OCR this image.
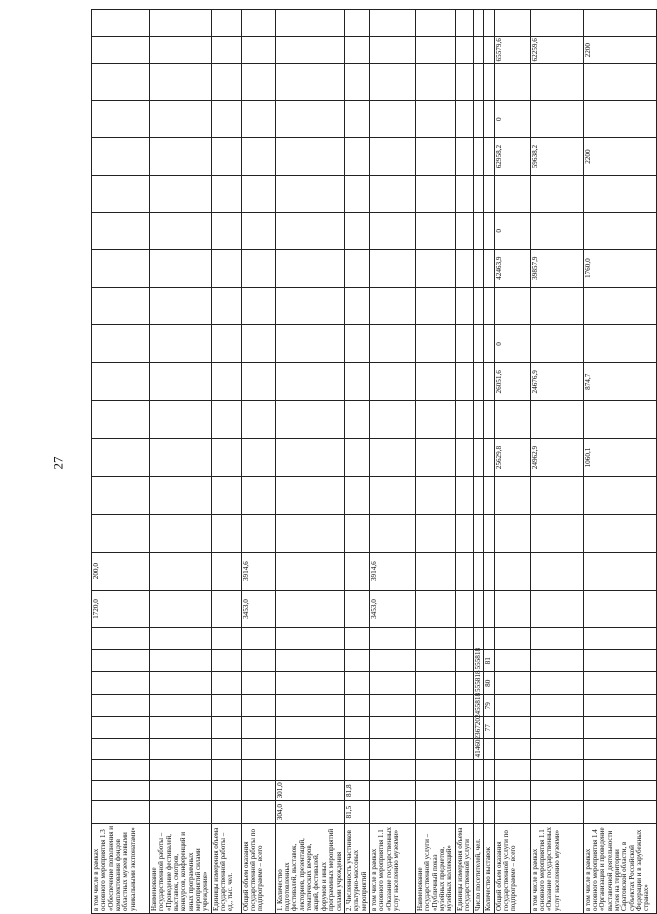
27
в том числе в рамках основного мероприятия 1.3 «Обеспечение пополнения и комплектования фондов областных музеев новыми уникальными экспонатами»										1720,0	200,0															
Наименование государственной работы – «Проведение фестивалей, выставок, смотров, конкурсов, конференций и иных программных мероприятий силами учреждения»																										
Единицы измерения объема государственной работы – ед., тыс. чел.																										
Общий объем оказания государственной работы по подпрограмме – всего										3453,0	3914,6															
1. Количество подготовленных фестивалей, выставок, лекториев, презентаций, тематических вечеров, акций, фестивалей, форумов и иных программных мероприятий силами учреждения	304,0	301,0																								
2. Численность участников культурно-массовых мероприятий	81,5	81,8																								
в том числе в рамках основного мероприятия 1.1 «Оказание государственных услуг населению музеями»										3453,0	3914,6															
Наименование государственной услуги – «Публичный показ музейных предметов, музейных коллекций»																										
Единицы измерения объема государственной услуги																										
Число посетителей, чел.				414602	367202	455818	555818	555818																		
Количество выставок					77	79	80	81																		
Общий объем оказания государственной услуги по подпрограмме – всего														25629,8		26051,6	0		42463,9	0		62958,2	0		65579,6	
в том числе в рамках основного мероприятия 1.1 «Оказание государственных услуг населению музеями»														24962,9		24676,9			39857,9			59638,2			62259,6	
в том числе в рамках основного мероприятия 1.4 «Организация и проведение выставочной деятельности музея на территории Саратовской области, в субъектах Российской Федерации и в зарубежных странах»														1060,1		874,7			1760,0			2200			2200	
